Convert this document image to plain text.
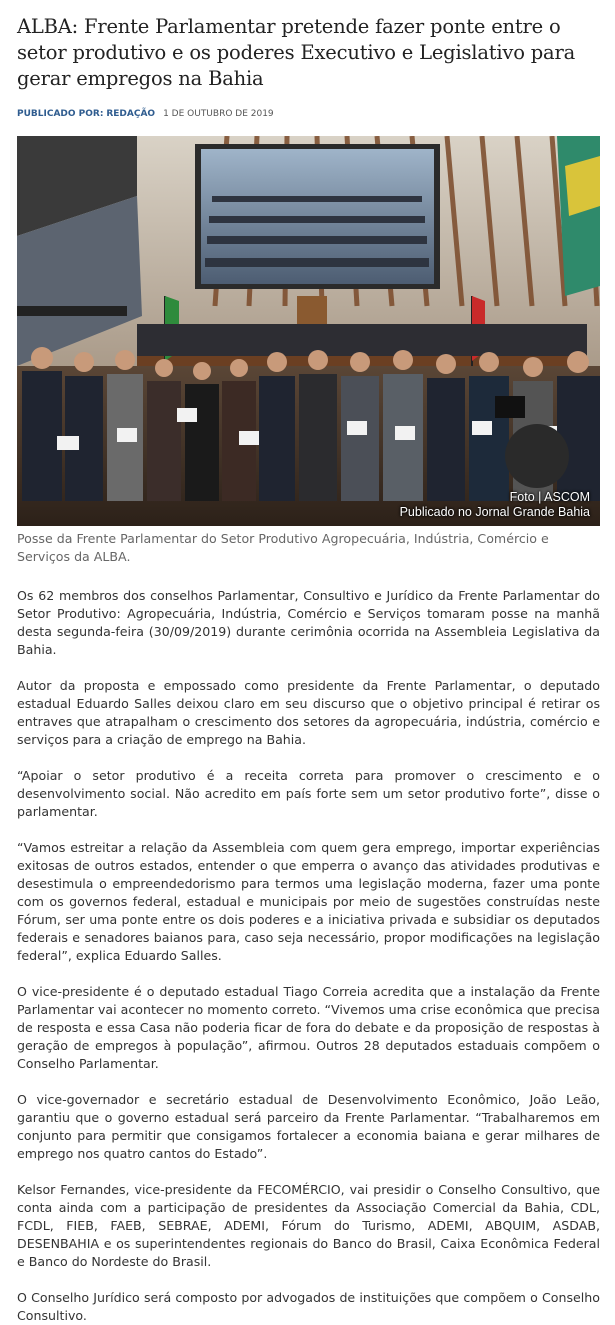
ALBA: Frente Parlamentar pretende fazer ponte entre o setor produtivo e os poderes Executivo e Legislativo para gerar empregos na Bahia
PUBLICADO POR: REDAÇÃO 1 DE OUTUBRO DE 2019
Foto | ASCOM
Publicado no Jornal Grande Bahia
Posse da Frente Parlamentar do Setor Produtivo Agropecuária, Indústria, Comércio e Serviços da ALBA.

Os 62 membros dos conselhos Parlamentar, Consultivo e Jurídico da Frente Parlamentar do Setor Produtivo: Agropecuária, Indústria, Comércio e Serviços tomaram posse na manhã desta segunda-feira (30/09/2019) durante cerimônia ocorrida na Assembleia Legislativa da Bahia.

Autor da proposta e empossado como presidente da Frente Parlamentar, o deputado estadual Eduardo Salles deixou claro em seu discurso que o objetivo principal é retirar os entraves que atrapalham o crescimento dos setores da agropecuária, indústria, comércio e serviços para a criação de emprego na Bahia.

“Apoiar o setor produtivo é a receita correta para promover o crescimento e o desenvolvimento social. Não acredito em país forte sem um setor produtivo forte”, disse o parlamentar.

“Vamos estreitar a relação da Assembleia com quem gera emprego, importar experiências exitosas de outros estados, entender o que emperra o avanço das atividades produtivas e desestimula o empreendedorismo para termos uma legislação moderna, fazer uma ponte com os governos federal, estadual e municipais por meio de sugestões construídas neste Fórum, ser uma ponte entre os dois poderes e a iniciativa privada e subsidiar os deputados federais e senadores baianos para, caso seja necessário, propor modificações na legislação federal”, explica Eduardo Salles.

O vice-presidente é o deputado estadual Tiago Correia acredita que a instalação da Frente Parlamentar vai acontecer no momento correto. “Vivemos uma crise econômica que precisa de resposta e essa Casa não poderia ficar de fora do debate e da proposição de respostas à geração de empregos à população”, afirmou. Outros 28 deputados estaduais compõem o Conselho Parlamentar.

O vice-governador e secretário estadual de Desenvolvimento Econômico, João Leão, garantiu que o governo estadual será parceiro da Frente Parlamentar. “Trabalharemos em conjunto para permitir que consigamos fortalecer a economia baiana e gerar milhares de emprego nos quatro cantos do Estado”.

Kelsor Fernandes, vice-presidente da FECOMÉRCIO, vai presidir o Conselho Consultivo, que conta ainda com a participação de presidentes da Associação Comercial da Bahia, CDL, FCDL, FIEB, FAEB, SEBRAE, ADEMI, Fórum do Turismo, ADEMI, ABQUIM, ASDAB, DESENBAHIA e os superintendentes regionais do Banco do Brasil, Caixa Econômica Federal e Banco do Nordeste do Brasil.

O Conselho Jurídico será composto por advogados de instituições que compõem o Conselho Consultivo.
